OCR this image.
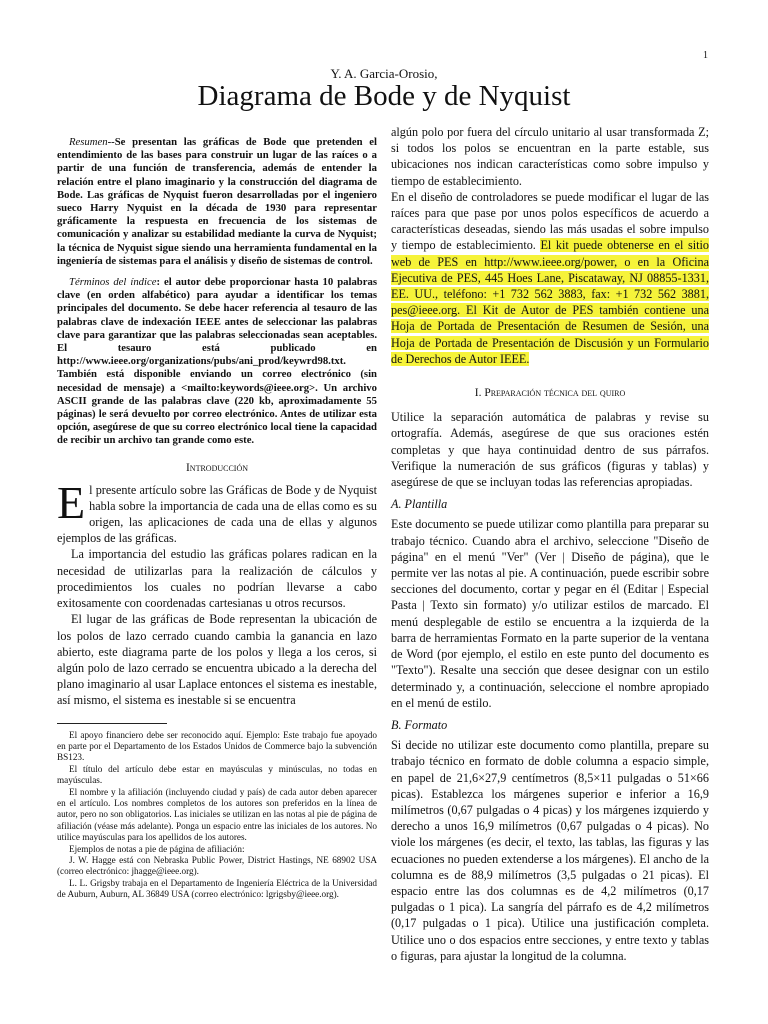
1
Y. A. Garcia-Orosio,
Diagrama de Bode y de Nyquist

Resumen--Se presentan las gráficas de Bode que pretenden el entendimiento de las bases para construir un lugar de las raíces o a partir de una función de transferencia, además de entender la relación entre el plano imaginario y la construcción del diagrama de Bode. Las gráficas de Nyquist fueron desarrolladas por el ingeniero sueco Harry Nyquist en la década de 1930 para representar gráficamente la respuesta en frecuencia de los sistemas de comunicación y analizar su estabilidad mediante la curva de Nyquist; la técnica de Nyquist sigue siendo una herramienta fundamental en la ingeniería de sistemas para el análisis y diseño de sistemas de control.

Términos del índice: el autor debe proporcionar hasta 10 palabras clave (en orden alfabético) para ayudar a identificar los temas principales del documento. Se debe hacer referencia al tesauro de las palabras clave de indexación IEEE antes de seleccionar las palabras clave para garantizar que las palabras seleccionadas sean aceptables. El tesauro está publicado en http://www.ieee.org/organizations/pubs/ani_prod/keywrd98.txt. También está disponible enviando un correo electrónico (sin necesidad de mensaje) a <mailto:keywords@ieee.org>. Un archivo ASCII grande de las palabras clave (220 kb, aproximadamente 55 páginas) le será devuelto por correo electrónico. Antes de utilizar esta opción, asegúrese de que su correo electrónico local tiene la capacidad de recibir un archivo tan grande como este.

Introducción

El presente artículo sobre las Gráficas de Bode y de Nyquist habla sobre la importancia de cada una de ellas como es su origen, las aplicaciones de cada una de ellas y algunos ejemplos de las gráficas.

La importancia del estudio las gráficas polares radican en la necesidad de utilizarlas para la realización de cálculos y procedimientos los cuales no podrían llevarse a cabo exitosamente con coordenadas cartesianas u otros recursos.

El lugar de las gráficas de Bode representan la ubicación de los polos de lazo cerrado cuando cambia la ganancia en lazo abierto, este diagrama parte de los polos y llega a los ceros, si algún polo de lazo cerrado se encuentra ubicado a la derecha del plano imaginario al usar Laplace entonces el sistema es inestable, así mismo, el sistema es inestable si se encuentra

El apoyo financiero debe ser reconocido aquí. Ejemplo: Este trabajo fue apoyado en parte por el Departamento de los Estados Unidos de Commerce bajo la subvención BS123.

El título del artículo debe estar en mayúsculas y minúsculas, no todas en mayúsculas.

El nombre y la afiliación (incluyendo ciudad y país) de cada autor deben aparecer en el artículo. Los nombres completos de los autores son preferidos en la línea de autor, pero no son obligatorios. Las iniciales se utilizan en las notas al pie de página de afiliación (véase más adelante). Ponga un espacio entre las iniciales de los autores. No utilice mayúsculas para los apellidos de los autores.

Ejemplos de notas a pie de página de afiliación:

J. W. Hagge está con Nebraska Public Power, District Hastings, NE 68902 USA (correo electrónico: jhagge@ieee.org).

L. L. Grigsby trabaja en el Departamento de Ingeniería Eléctrica de la Universidad de Auburn, Auburn, AL 36849 USA (correo electrónico: lgrigsby@ieee.org).

algún polo por fuera del círculo unitario al usar transformada Z; si todos los polos se encuentran en la parte estable, sus ubicaciones nos indican características como sobre impulso y tiempo de establecimiento.

En el diseño de controladores se puede modificar el lugar de las raíces para que pase por unos polos específicos de acuerdo a características deseadas, siendo las más usadas el sobre impulso y tiempo de establecimiento. El kit puede obtenerse en el sitio web de PES en http://www.ieee.org/power, o en la Oficina Ejecutiva de PES, 445 Hoes Lane, Piscataway, NJ 08855-1331, EE. UU., teléfono: +1 732 562 3883, fax: +1 732 562 3881, pes@ieee.org. El Kit de Autor de PES también contiene una Hoja de Portada de Presentación de Resumen de Sesión, una Hoja de Portada de Presentación de Discusión y un Formulario de Derechos de Autor IEEE.

I. Preparación técnica del quiro

Utilice la separación automática de palabras y revise su ortografía. Además, asegúrese de que sus oraciones estén completas y que haya continuidad dentro de sus párrafos. Verifique la numeración de sus gráficos (figuras y tablas) y asegúrese de que se incluyan todas las referencias apropiadas.

A. Plantilla

Este documento se puede utilizar como plantilla para preparar su trabajo técnico. Cuando abra el archivo, seleccione "Diseño de página" en el menú "Ver" (Ver | Diseño de página), que le permite ver las notas al pie. A continuación, puede escribir sobre secciones del documento, cortar y pegar en él (Editar | Especial Pasta | Texto sin formato) y/o utilizar estilos de marcado. El menú desplegable de estilo se encuentra a la izquierda de la barra de herramientas Formato en la parte superior de la ventana de Word (por ejemplo, el estilo en este punto del documento es "Texto"). Resalte una sección que desee designar con un estilo determinado y, a continuación, seleccione el nombre apropiado en el menú de estilo.

B. Formato

Si decide no utilizar este documento como plantilla, prepare su trabajo técnico en formato de doble columna a espacio simple, en papel de 21,6×27,9 centímetros (8,5×11 pulgadas o 51×66 picas). Establezca los márgenes superior e inferior a 16,9 milímetros (0,67 pulgadas o 4 picas) y los márgenes izquierdo y derecho a unos 16,9 milímetros (0,67 pulgadas o 4 picas). No viole los márgenes (es decir, el texto, las tablas, las figuras y las ecuaciones no pueden extenderse a los márgenes). El ancho de la columna es de 88,9 milímetros (3,5 pulgadas o 21 picas). El espacio entre las dos columnas es de 4,2 milímetros (0,17 pulgadas o 1 pica). La sangría del párrafo es de 4,2 milímetros (0,17 pulgadas o 1 pica). Utilice una justificación completa. Utilice uno o dos espacios entre secciones, y entre texto y tablas o figuras, para ajustar la longitud de la columna.
